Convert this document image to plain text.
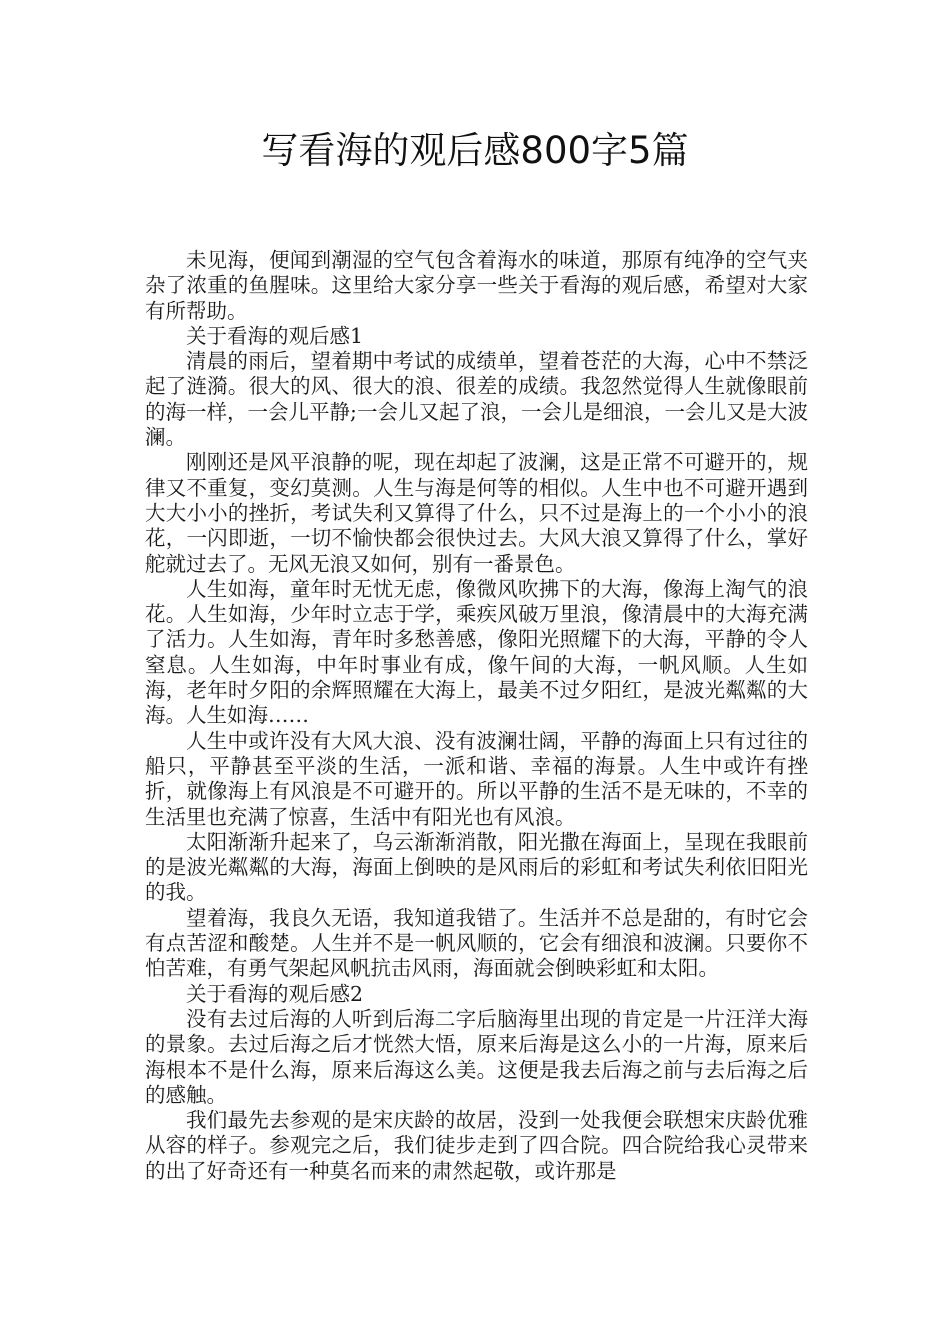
写看海的观后感800字5篇

未见海，便闻到潮湿的空气包含着海水的味道，那原有纯净的空气夹杂了浓重的鱼腥味。这里给大家分享一些关于看海的观后感，希望对大家有所帮助。

关于看海的观后感1

清晨的雨后，望着期中考试的成绩单，望着苍茫的大海，心中不禁泛起了涟漪。很大的风、很大的浪、很差的成绩。我忽然觉得人生就像眼前的海一样，一会儿平静;一会儿又起了浪，一会儿是细浪，一会儿又是大波澜。

刚刚还是风平浪静的呢，现在却起了波澜，这是正常不可避开的，规律又不重复，变幻莫测。人生与海是何等的相似。人生中也不可避开遇到大大小小的挫折，考试失利又算得了什么，只不过是海上的一个小小的浪花，一闪即逝，一切不愉快都会很快过去。大风大浪又算得了什么，掌好舵就过去了。无风无浪又如何，别有一番景色。

人生如海，童年时无忧无虑，像微风吹拂下的大海，像海上淘气的浪花。人生如海，少年时立志于学，乘疾风破万里浪，像清晨中的大海充满了活力。人生如海，青年时多愁善感，像阳光照耀下的大海，平静的令人窒息。人生如海，中年时事业有成，像午间的大海，一帆风顺。人生如海，老年时夕阳的余辉照耀在大海上，最美不过夕阳红，是波光粼粼的大海。人生如海……

人生中或许没有大风大浪、没有波澜壮阔，平静的海面上只有过往的船只，平静甚至平淡的生活，一派和谐、幸福的海景。人生中或许有挫折，就像海上有风浪是不可避开的。所以平静的生活不是无味的，不幸的生活里也充满了惊喜，生活中有阳光也有风浪。

太阳渐渐升起来了，乌云渐渐消散，阳光撒在海面上，呈现在我眼前的是波光粼粼的大海，海面上倒映的是风雨后的彩虹和考试失利依旧阳光的我。

望着海，我良久无语，我知道我错了。生活并不总是甜的，有时它会有点苦涩和酸楚。人生并不是一帆风顺的，它会有细浪和波澜。只要你不怕苦难，有勇气架起风帆抗击风雨，海面就会倒映彩虹和太阳。

关于看海的观后感2

没有去过后海的人听到后海二字后脑海里出现的肯定是一片汪洋大海的景象。去过后海之后才恍然大悟，原来后海是这么小的一片海，原来后海根本不是什么海，原来后海这么美。这便是我去后海之前与去后海之后的感触。

我们最先去参观的是宋庆龄的故居，没到一处我便会联想宋庆龄优雅从容的样子。参观完之后，我们徒步走到了四合院。四合院给我心灵带来的出了好奇还有一种莫名而来的肃然起敬，或许那是
